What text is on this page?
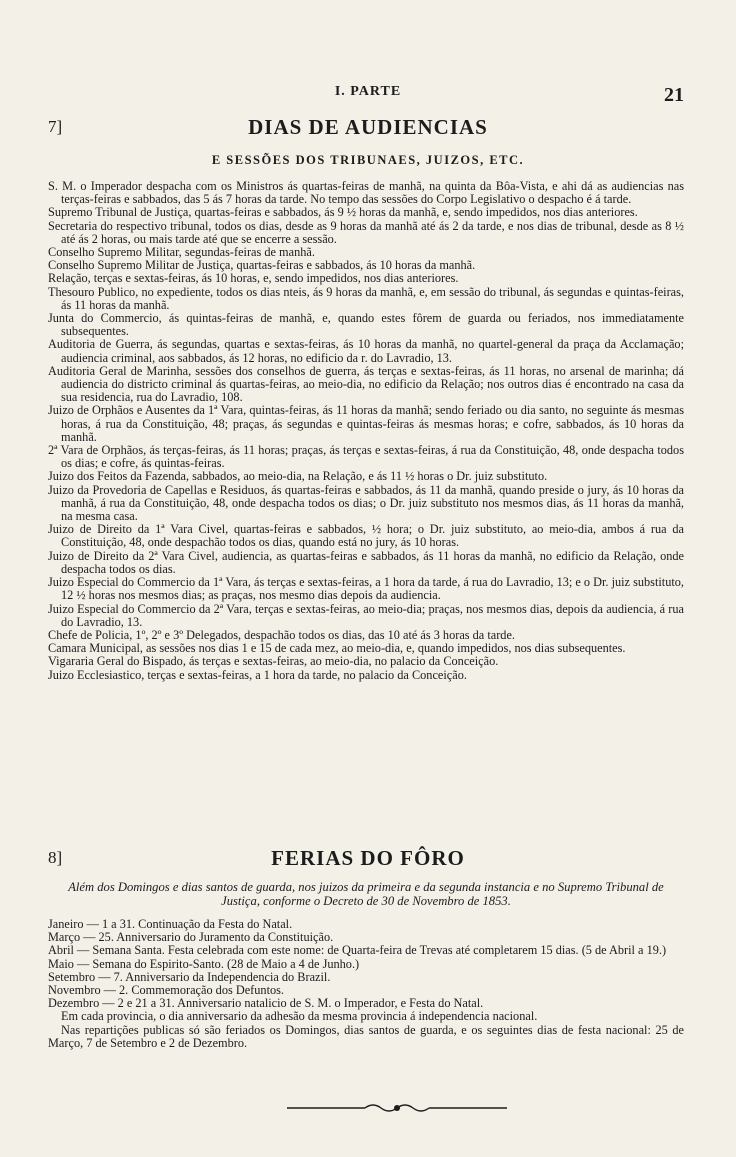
I. PARTE	21
7]	DIAS DE AUDIENCIAS
E SESSÕES DOS TRIBUNAES, JUIZOS, ETC.

S. M. o Imperador despacha com os Ministros ás quartas-feiras de manhã, na quinta da Bôa-Vista, e ahi dá as audiencias nas terças-feiras e sabbados, das 5 ás 7 horas da tarde. No tempo das sessões do Corpo Legislativo o despacho é á tarde.

Supremo Tribunal de Justiça, quartas-feiras e sabbados, ás 9 ½ horas da manhã, e, sendo impedidos, nos dias anteriores.

Secretaria do respectivo tribunal, todos os dias, desde as 9 horas da manhã até ás 2 da tarde, e nos dias de tribunal, desde as 8 ½ até ás 2 horas, ou mais tarde até que se encerre a sessão.

Conselho Supremo Militar, segundas-feiras de manhã.

Conselho Supremo Militar de Justiça, quartas-feiras e sabbados, ás 10 horas da manhã.

Relação, terças e sextas-feiras, ás 10 horas, e, sendo impedidos, nos dias anteriores.

Thesouro Publico, no expediente, todos os dias nteis, ás 9 horas da manhã, e, em sessão do tribunal, ás segundas e quintas-feiras, ás 11 horas da manhã.

Junta do Commercio, ás quintas-feiras de manhã, e, quando estes fôrem de guarda ou feriados, nos immediatamente subsequentes.

Auditoria de Guerra, ás segundas, quartas e sextas-feiras, ás 10 horas da manhã, no quartel-general da praça da Acclamação; audiencia criminal, aos sabbados, ás 12 horas, no edificio da r. do Lavradio, 13.

Auditoria Geral de Marinha, sessões dos conselhos de guerra, ás terças e sextas-feiras, ás 11 horas, no arsenal de marinha; dá audiencia do districto criminal ás quartas-feiras, ao meio-dia, no edificio da Relação; nos outros dias é encontrado na casa da sua residencia, rua do Lavradio, 108.

Juizo de Orphãos e Ausentes da 1ª Vara, quintas-feiras, ás 11 horas da manhã; sendo feriado ou dia santo, no seguinte ás mesmas horas, á rua da Constituição, 48; praças, ás segundas e quintas-feiras ás mesmas horas; e cofre, sabbados, ás 10 horas da manhã.

2ª Vara de Orphãos, ás terças-feiras, ás 11 horas; praças, ás terças e sextas-feiras, á rua da Constituição, 48, onde despacha todos os dias; e cofre, ás quintas-feiras.

Juizo dos Feitos da Fazenda, sabbados, ao meio-dia, na Relação, e ás 11 ½ horas o Dr. juiz substituto.

Juizo da Provedoria de Capellas e Residuos, ás quartas-feiras e sabbados, ás 11 da manhã, quando preside o jury, ás 10 horas da manhã, á rua da Constituição, 48, onde despacha todos os dias; o Dr. juiz substituto nos mesmos dias, ás 11 horas da manhã, na mesma casa.

Juizo de Direito da 1ª Vara Civel, quartas-feiras e sabbados, ½ hora; o Dr. juiz substituto, ao meio-dia, ambos á rua da Constituição, 48, onde despachão todos os dias, quando está no jury, ás 10 horas.

Juizo de Direito da 2ª Vara Civel, audiencia, as quartas-feiras e sabbados, ás 11 horas da manhã, no edificio da Relação, onde despacha todos os dias.

Juizo Especial do Commercio da 1ª Vara, ás terças e sextas-feiras, a 1 hora da tarde, á rua do Lavradio, 13; e o Dr. juiz substituto, 12 ½ horas nos mesmos dias; as praças, nos mesmo dias depois da audiencia.

Juizo Especial do Commercio da 2ª Vara, terças e sextas-feiras, ao meio-dia; praças, nos mesmos dias, depois da audiencia, á rua do Lavradio, 13.

Chefe de Policia, 1º, 2º e 3º Delegados, despachão todos os dias, das 10 até ás 3 horas da tarde.

Camara Municipal, as sessões nos dias 1 e 15 de cada mez, ao meio-dia, e, quando impedidos, nos dias subsequentes.

Vigararia Geral do Bispado, ás terças e sextas-feiras, ao meio-dia, no palacio da Conceição.

Juizo Ecclesiastico, terças e sextas-feiras, a 1 hora da tarde, no palacio da Conceição.

8]	FERIAS DO FÔRO

Além dos Domingos e dias santos de guarda, nos juizos da primeira e da segunda instancia e no Supremo Tribunal de Justiça, conforme o Decreto de 30 de Novembro de 1853.

Janeiro — 1 a 31. Continuação da Festa do Natal.

Março — 25. Anniversario do Juramento da Constituição.

Abril — Semana Santa. Festa celebrada com este nome: de Quarta-feira de Trevas até completarem 15 dias. (5 de Abril a 19.)

Maio — Semana do Espirito-Santo. (28 de Maio a 4 de Junho.)

Setembro — 7. Anniversario da Independencia do Brazil.

Novembro — 2. Commemoração dos Defuntos.

Dezembro — 2 e 21 a 31. Anniversario natalicio de S. M. o Imperador, e Festa do Natal.

Em cada provincia, o dia anniversario da adhesão da mesma provincia á independencia nacional.

Nas repartições publicas só são feriados os Domingos, dias santos de guarda, e os seguintes dias de festa nacional: 25 de Março, 7 de Setembro e 2 de Dezembro.
